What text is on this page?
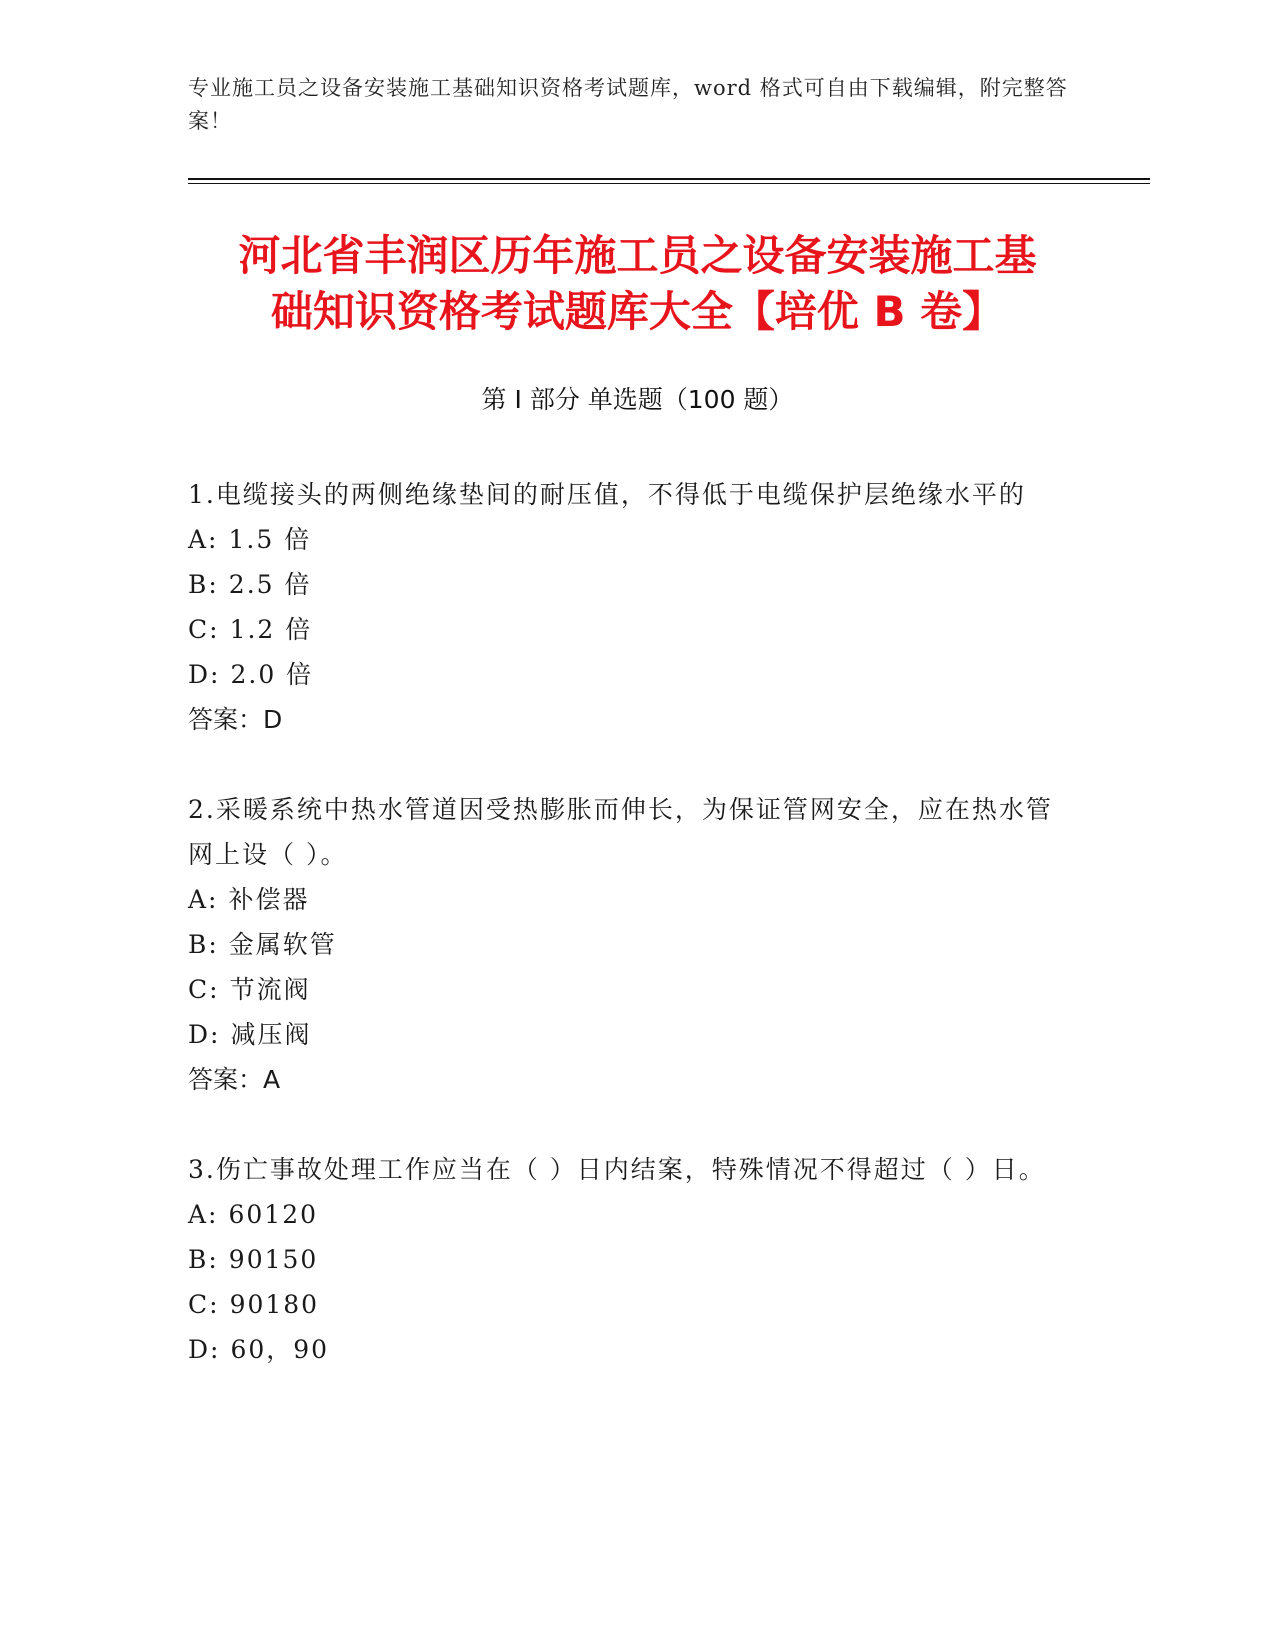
专业施工员之设备安装施工基础知识资格考试题库，word 格式可自由下载编辑，附完整答案！
河北省丰润区历年施工员之设备安装施工基
础知识资格考试题库大全【培优 B 卷】
第 I 部分 单选题（100 题）
1.电缆接头的两侧绝缘垫间的耐压值，不得低于电缆保护层绝缘水平的
A: 1.5 倍
B: 2.5 倍
C: 1.2 倍
D: 2.0 倍
答案：D
2.采暖系统中热水管道因受热膨胀而伸长，为保证管网安全，应在热水管网上设（ ）。
A: 补偿器
B: 金属软管
C: 节流阀
D: 减压阀
答案：A
3.伤亡事故处理工作应当在（ ）日内结案，特殊情况不得超过（ ）日。
A: 60120
B: 90150
C: 90180
D: 60，90
